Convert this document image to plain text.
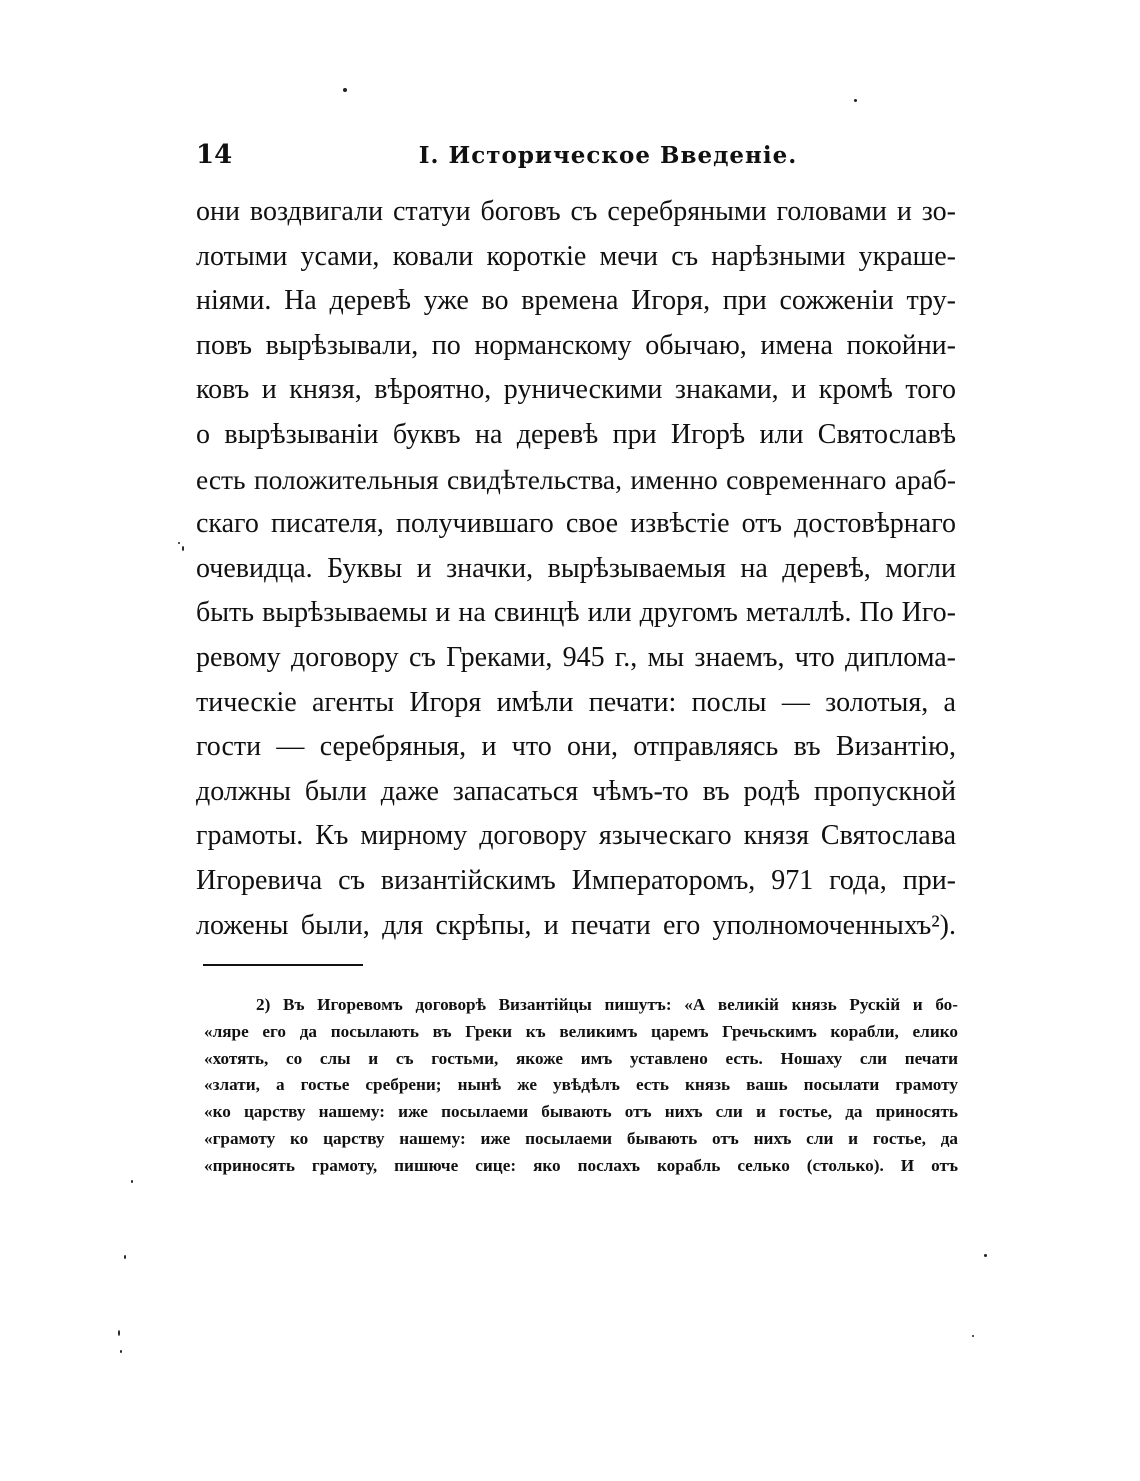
14	I. Историческое Введеніе.
они воздвигали статуи боговъ съ серебряными головами и зо-
лотыми усами, ковали короткіе мечи съ нарѣзными украше-
ніями. На деревѣ уже во времена Игоря, при сожженіи тру-
повъ вырѣзывали, по норманскому обычаю, имена покойни-
ковъ и князя, вѣроятно, руническими знаками, и кромѣ того
о вырѣзываніи буквъ на деревѣ при Игорѣ или Святославѣ
есть положительныя свидѣтельства, именно современнаго араб-
скаго писателя, получившаго свое извѣстіе отъ достовѣрнаго
очевидца. Буквы и значки, вырѣзываемыя на деревѣ, могли
быть вырѣзываемы и на свинцѣ или другомъ металлѣ. По Иго-
ревому договору съ Греками, 945 г., мы знаемъ, что диплома-
тическіе агенты Игоря имѣли печати: послы — золотыя, а
гости — серебряныя, и что они, отправляясь въ Византію,
должны были даже запасаться чѣмъ-то въ родѣ пропускной
грамоты. Къ мирному договору языческаго князя Святослава
Игоревича съ византійскимъ Императоромъ, 971 года, при-
ложены были, для скрѣпы, и печати его уполномоченныхъ²).
2) Въ Игоревомъ договорѣ Византійцы пишутъ: «А великій князь Рускій и бо-
«ляре его да посылають въ Греки къ великимъ царемъ Гречьскимъ корабли, елико
«хотять, со слы и съ гостьми, якоже имъ уставлено есть. Ношаху сли печати
«злати, а гостье сребрени; нынѣ же увѣдѣлъ есть князь вашь посылати грамоту
«ко царству нашему: иже посылаеми бывають отъ нихъ сли и гостье, да приносять
«грамоту ко царству нашему: иже посылаеми бывають отъ нихъ сли и гостье, да
«приносять грамоту, пишюче сице: яко послахъ корабль селько (столько). И отъ
